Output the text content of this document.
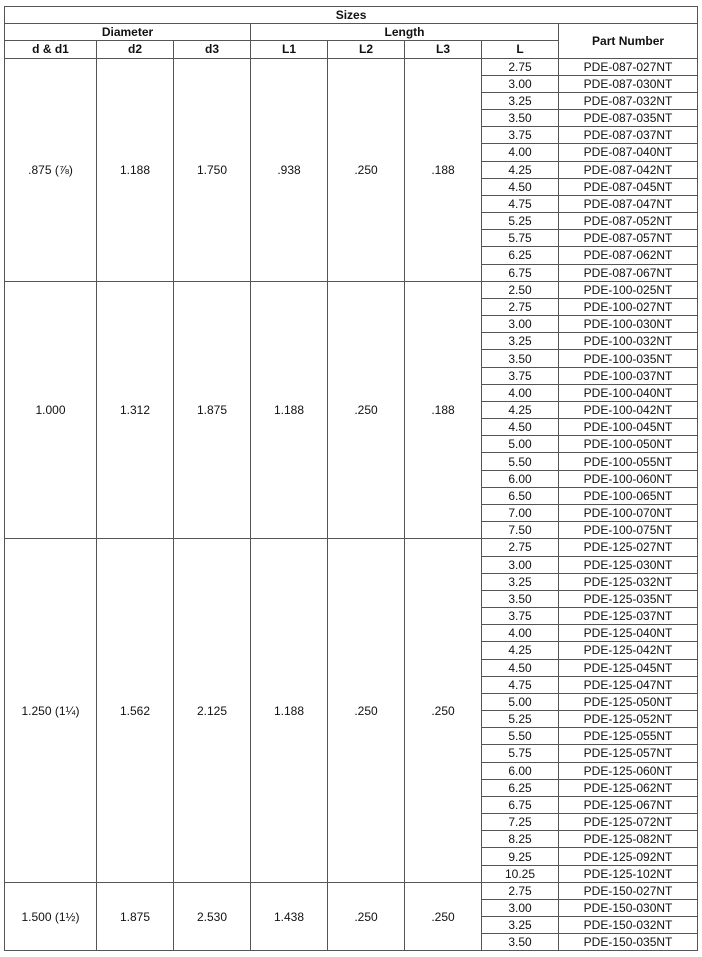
Sizes							
Diameter			Length				Part Number
d & d1	d2	d3	L1	L2	L3	L	
.875 (⅞)	1.188	1.750	.938	.250	.188	2.75	PDE-087-027NT
						3.00	PDE-087-030NT
						3.25	PDE-087-032NT
						3.50	PDE-087-035NT
						3.75	PDE-087-037NT
						4.00	PDE-087-040NT
						4.25	PDE-087-042NT
						4.50	PDE-087-045NT
						4.75	PDE-087-047NT
						5.25	PDE-087-052NT
						5.75	PDE-087-057NT
						6.25	PDE-087-062NT
						6.75	PDE-087-067NT
1.000	1.312	1.875	1.188	.250	.188	2.50	PDE-100-025NT
						2.75	PDE-100-027NT
						3.00	PDE-100-030NT
						3.25	PDE-100-032NT
						3.50	PDE-100-035NT
						3.75	PDE-100-037NT
						4.00	PDE-100-040NT
						4.25	PDE-100-042NT
						4.50	PDE-100-045NT
						5.00	PDE-100-050NT
						5.50	PDE-100-055NT
						6.00	PDE-100-060NT
						6.50	PDE-100-065NT
						7.00	PDE-100-070NT
						7.50	PDE-100-075NT
1.250 (1¼)	1.562	2.125	1.188	.250	.250	2.75	PDE-125-027NT
						3.00	PDE-125-030NT
						3.25	PDE-125-032NT
						3.50	PDE-125-035NT
						3.75	PDE-125-037NT
						4.00	PDE-125-040NT
						4.25	PDE-125-042NT
						4.50	PDE-125-045NT
						4.75	PDE-125-047NT
						5.00	PDE-125-050NT
						5.25	PDE-125-052NT
						5.50	PDE-125-055NT
						5.75	PDE-125-057NT
						6.00	PDE-125-060NT
						6.25	PDE-125-062NT
						6.75	PDE-125-067NT
						7.25	PDE-125-072NT
						8.25	PDE-125-082NT
						9.25	PDE-125-092NT
						10.25	PDE-125-102NT
1.500 (1½)	1.875	2.530	1.438	.250	.250	2.75	PDE-150-027NT
						3.00	PDE-150-030NT
						3.25	PDE-150-032NT
						3.50	PDE-150-035NT
